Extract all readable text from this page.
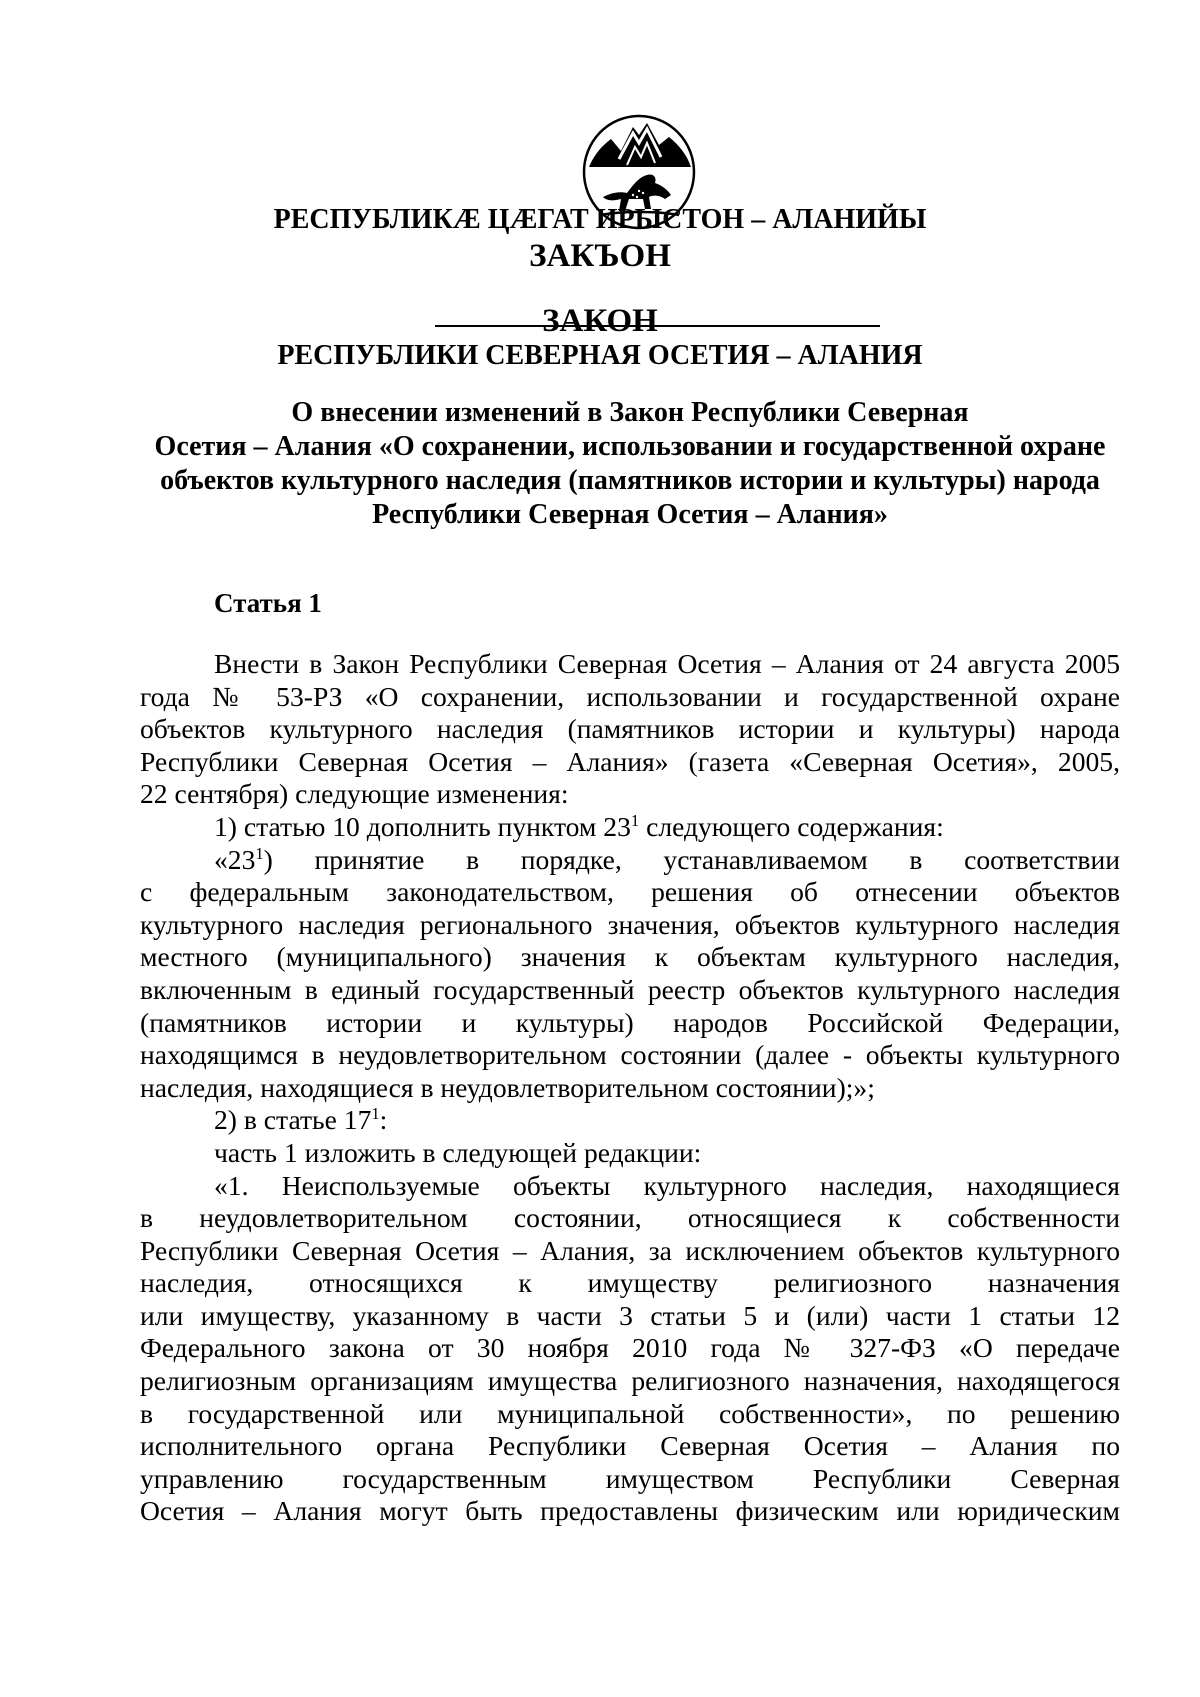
РЕСПУБЛИКӔ ЦӔГАТ ИРЫСТОН – АЛАНИЙЫ
ЗАКЪОН
ЗАКОН
РЕСПУБЛИКИ СЕВЕРНАЯ ОСЕТИЯ – АЛАНИЯ
О внесении изменений в Закон Республики Северная
Осетия – Алания «О сохранении, использовании и государственной охране
объектов культурного наследия (памятников истории и культуры) народа
Республики Северная Осетия – Алания»
Статья 1
Внести в Закон Республики Северная Осетия – Алания от 24 августа 2005
года № 53-РЗ «О сохранении, использовании и государственной охране
объектов культурного наследия (памятников истории и культуры) народа
Республики Северная Осетия – Алания» (газета «Северная Осетия», 2005,
22 сентября) следующие изменения:
1) статью 10 дополнить пунктом $23^1$ следующего содержания:
«$23^1$) принятие в порядке, устанавливаемом в соответствии
с федеральным законодательством, решения об отнесении объектов
культурного наследия регионального значения, объектов культурного наследия
местного (муниципального) значения к объектам культурного наследия,
включенным в единый государственный реестр объектов культурного наследия
(памятников истории и культуры) народов Российской Федерации,
находящимся в неудовлетворительном состоянии (далее - объекты культурного
наследия, находящиеся в неудовлетворительном состоянии);»;
2) в статье $17^1$:
часть 1 изложить в следующей редакции:
«1. Неиспользуемые объекты культурного наследия, находящиеся
в неудовлетворительном состоянии, относящиеся к собственности
Республики Северная Осетия – Алания, за исключением объектов культурного
наследия, относящихся к имуществу религиозного назначения
или имуществу, указанному в части 3 статьи 5 и (или) части 1 статьи 12
Федерального закона от 30 ноября 2010 года № 327-ФЗ «О передаче
религиозным организациям имущества религиозного назначения, находящегося
в государственной или муниципальной собственности», по решению
исполнительного органа Республики Северная Осетия – Алания по
управлению государственным имуществом Республики Северная
Осетия – Алания могут быть предоставлены физическим или юридическим
